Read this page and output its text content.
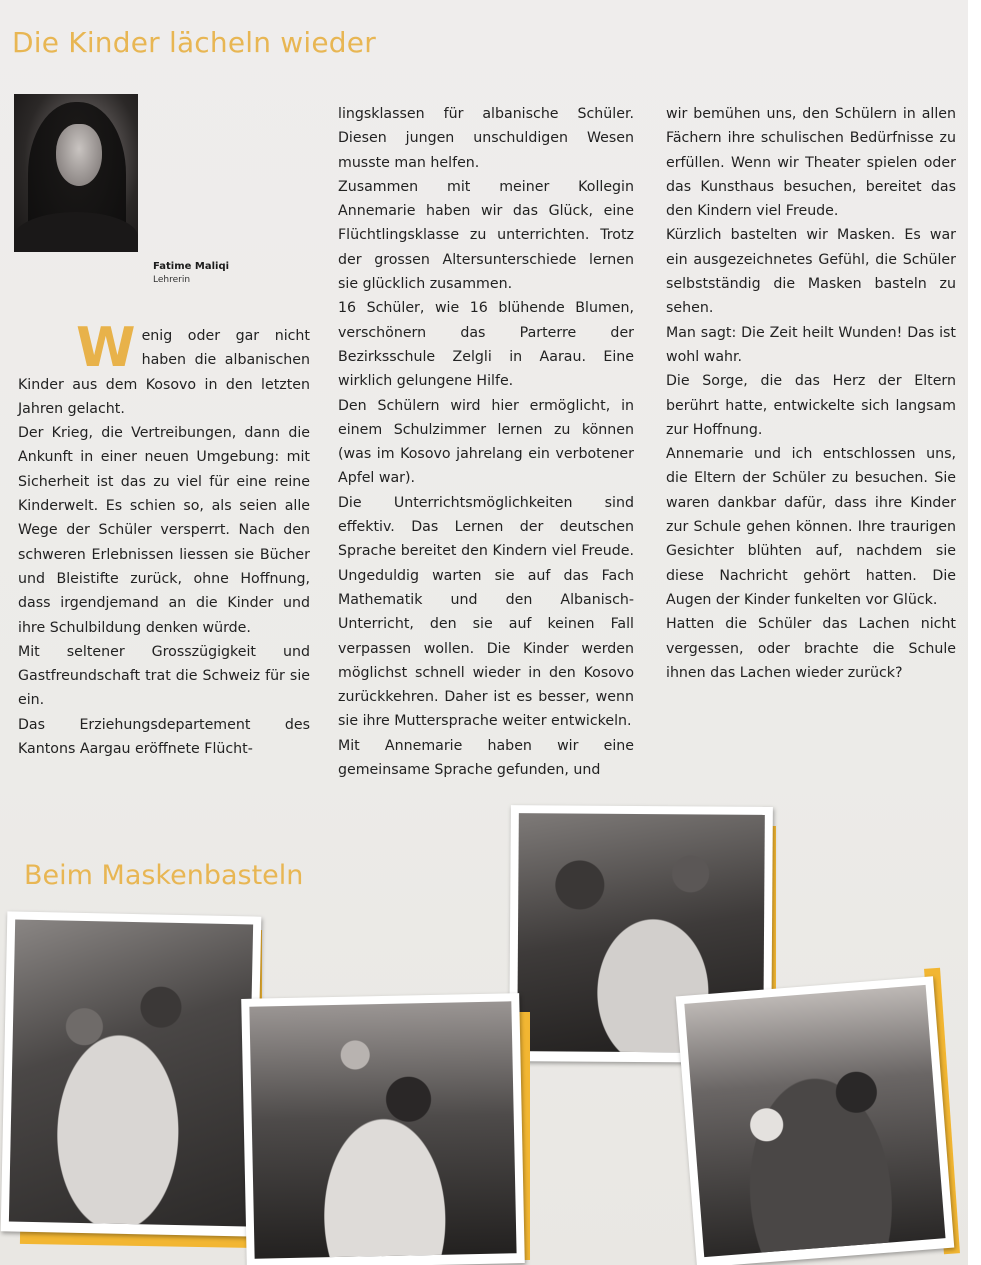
Die Kinder lächeln wieder
Fatime Maliqi
Lehrerin

Wenig oder gar nicht haben die albanischen Kinder aus dem Kosovo in den letzten Jahren gelacht.

Der Krieg, die Vertreibungen, dann die Ankunft in einer neuen Umgebung: mit Sicherheit ist das zu viel für eine reine Kinderwelt. Es schien so, als seien alle Wege der Schüler versperrt. Nach den schweren Erlebnissen liessen sie Bücher und Bleistifte zurück, ohne Hoffnung, dass irgendjemand an die Kinder und ihre Schulbildung denken würde.

Mit seltener Grosszügigkeit und Gastfreundschaft trat die Schweiz für sie ein.

Das Erziehungsdepartement des Kantons Aargau eröffnete Flücht-

lingsklassen für albanische Schüler. Diesen jungen unschuldigen Wesen musste man helfen.

Zusammen mit meiner Kollegin Annemarie haben wir das Glück, eine Flüchtlingsklasse zu unterrichten. Trotz der grossen Altersunterschiede lernen sie glücklich zusammen.

16 Schüler, wie 16 blühende Blumen, verschönern das Parterre der Bezirksschule Zelgli in Aarau. Eine wirklich gelungene Hilfe.

Den Schülern wird hier ermöglicht, in einem Schulzimmer lernen zu können (was im Kosovo jahrelang ein verbotener Apfel war).

Die Unterrichtsmöglichkeiten sind effektiv. Das Lernen der deutschen Sprache bereitet den Kindern viel Freude. Ungeduldig warten sie auf das Fach Mathematik und den Albanisch-Unterricht, den sie auf keinen Fall verpassen wollen. Die Kinder werden möglichst schnell wieder in den Kosovo zurückkehren. Daher ist es besser, wenn sie ihre Muttersprache weiter entwickeln.

Mit Annemarie haben wir eine gemeinsame Sprache gefunden, und

wir bemühen uns, den Schülern in allen Fächern ihre schulischen Bedürfnisse zu erfüllen. Wenn wir Theater spielen oder das Kunsthaus besuchen, bereitet das den Kindern viel Freude.

Kürzlich bastelten wir Masken. Es war ein ausgezeichnetes Gefühl, die Schüler selbstständig die Masken basteln zu sehen.

Man sagt: Die Zeit heilt Wunden! Das ist wohl wahr.

Die Sorge, die das Herz der Eltern berührt hatte, entwickelte sich langsam zur Hoffnung.

Annemarie und ich entschlossen uns, die Eltern der Schüler zu besuchen. Sie waren dankbar dafür, dass ihre Kinder zur Schule gehen können. Ihre traurigen Gesichter blühten auf, nachdem sie diese Nachricht gehört hatten. Die Augen der Kinder funkelten vor Glück.

Hatten die Schüler das Lachen nicht vergessen, oder brachte die Schule ihnen das Lachen wieder zurück?

Beim Maskenbasteln
